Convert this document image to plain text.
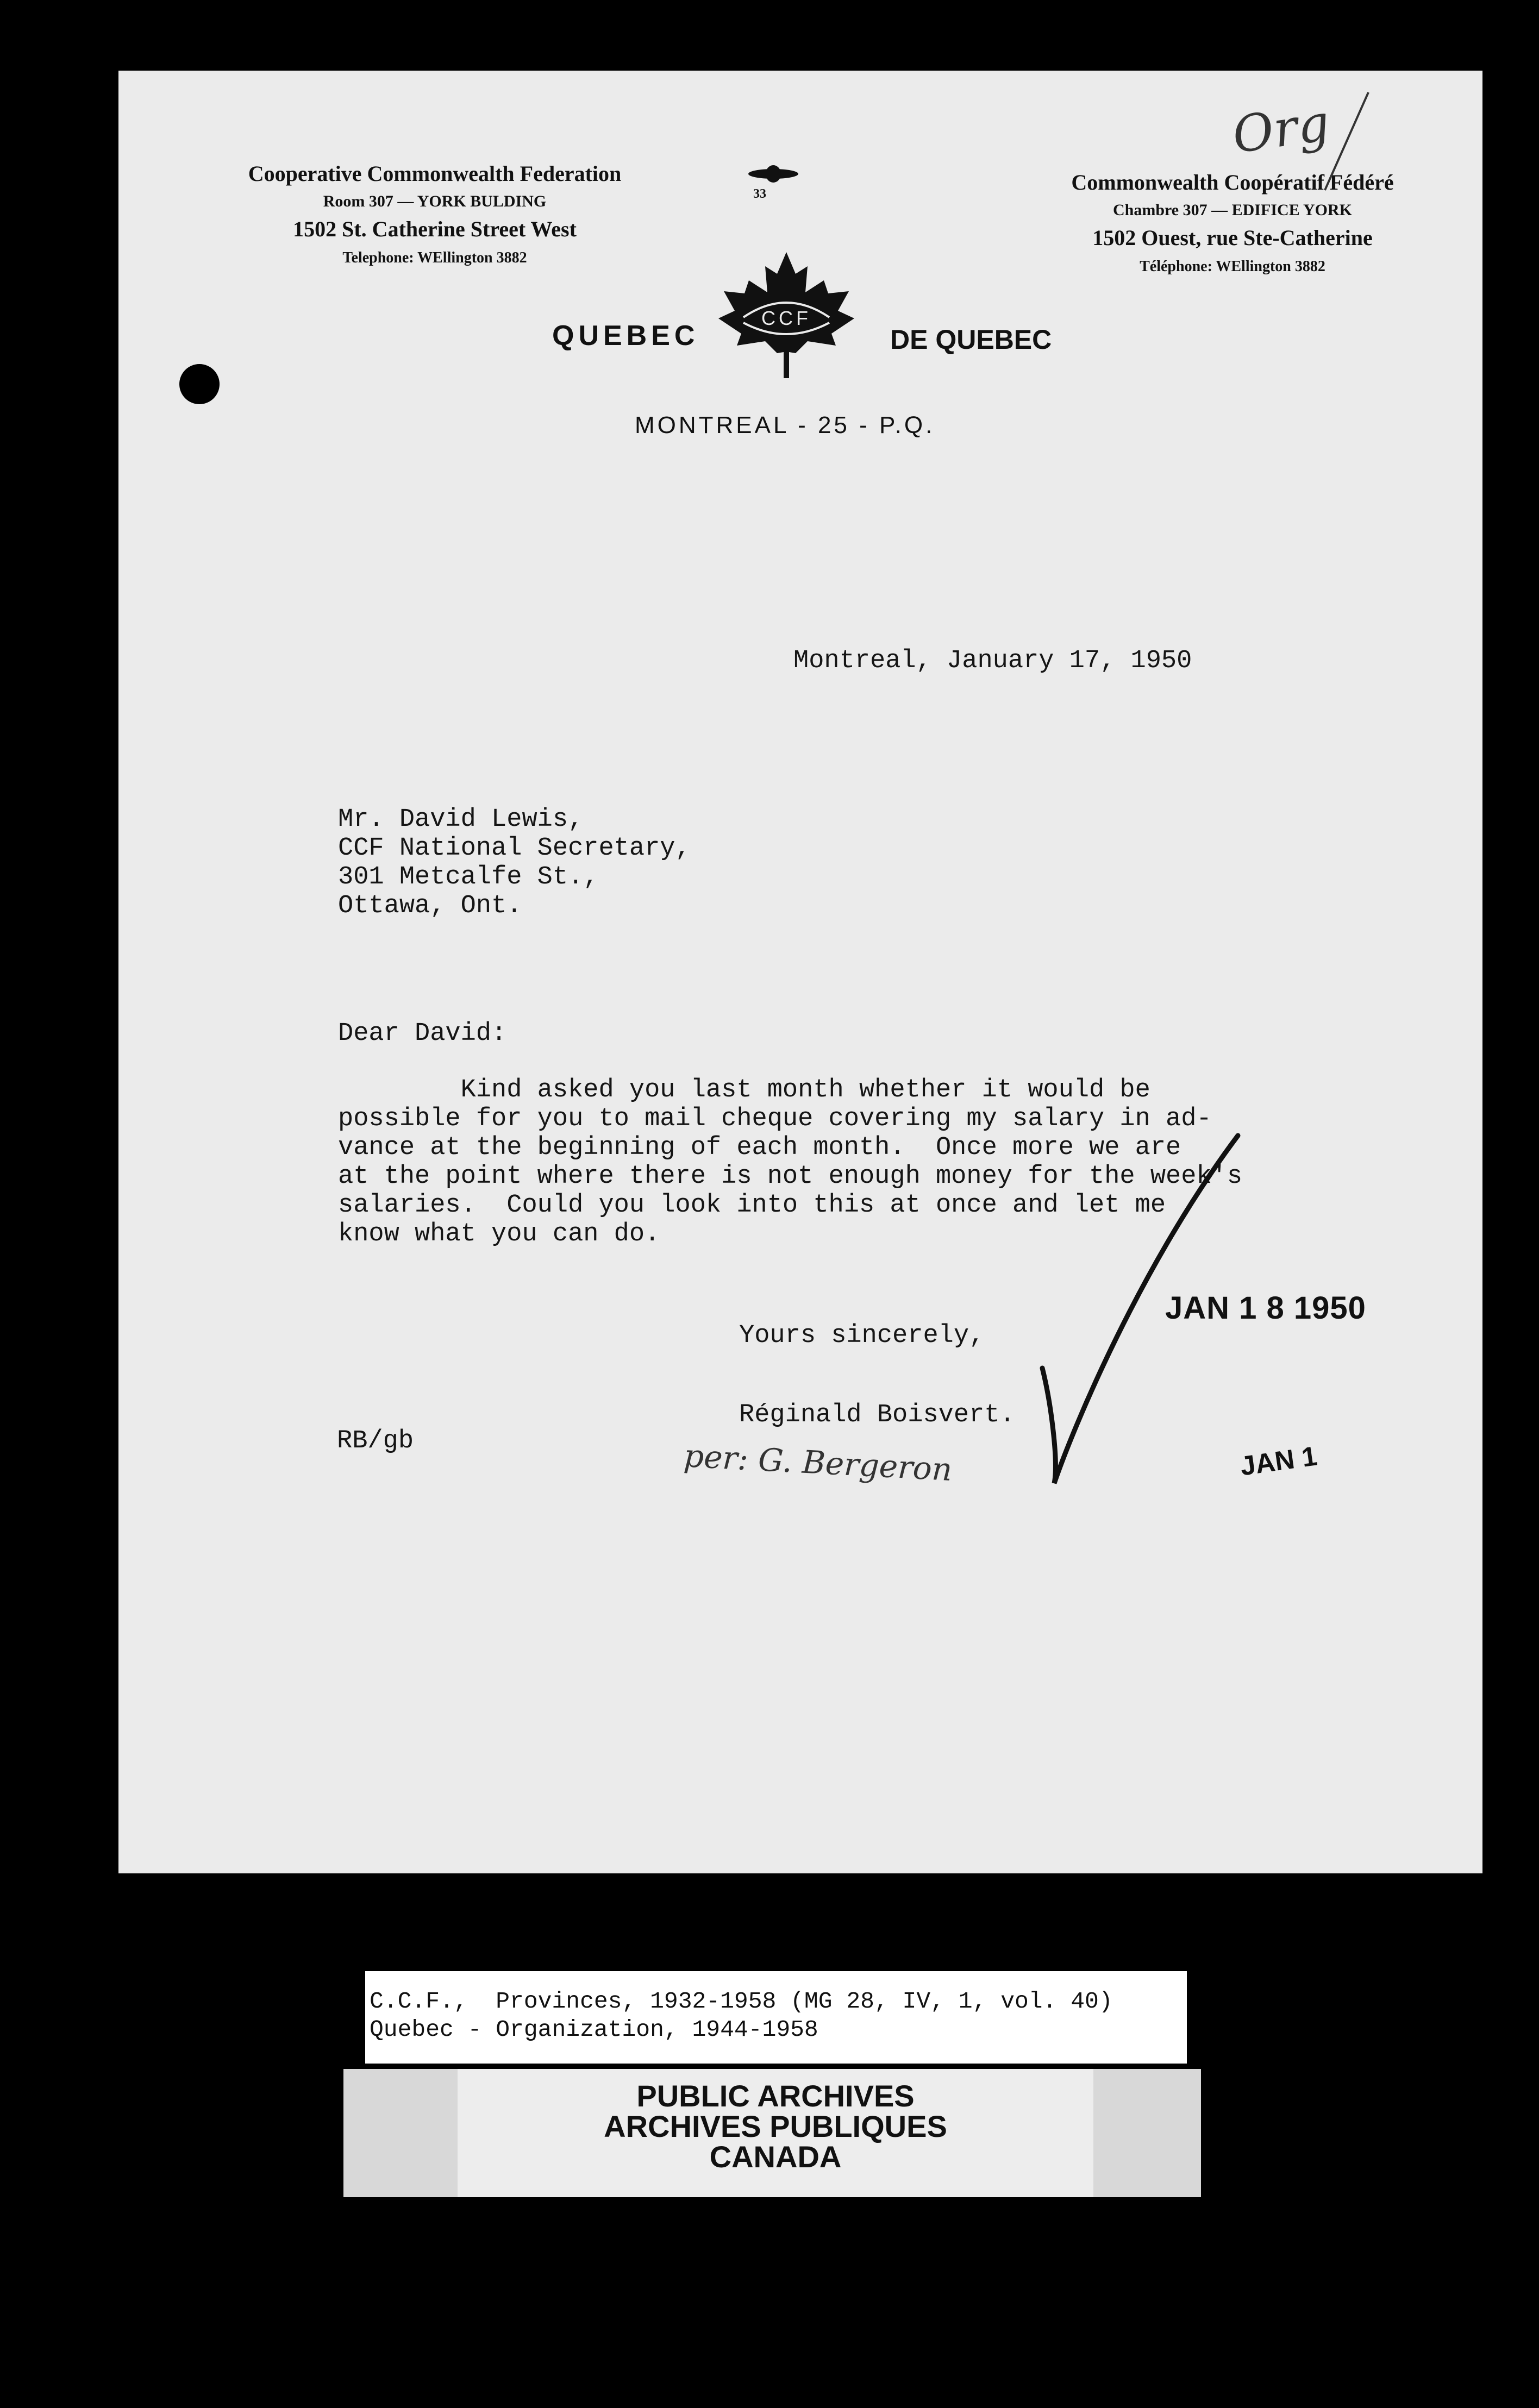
Cooperative Commonwealth Federation
Room 307 — YORK BULDING
1502 St. Catherine Street West
Telephone: WEllington 3882
Commonwealth Coopératif Fédéré
Chambre 307 — EDIFICE YORK
1502 Ouest, rue Ste-Catherine
Téléphone: WEllington 3882
33
QUEBEC
CCF
DE QUEBEC
MONTREAL - 25 - P.Q.
Org
Montreal, January 17, 1950
Mr. David Lewis,
CCF National Secretary,
301 Metcalfe St.,
Ottawa, Ont.
Dear David:
Kind asked you last month whether it would be
possible for you to mail cheque covering my salary in ad-
vance at the beginning of each month.  Once more we are
at the point where there is not enough money for the week's
salaries.  Could you look into this at once and let me
know what you can do.
Yours sincerely,
Réginald Boisvert.
RB/gb	per: G. Bergeron
JAN 1 8 1950
JAN 1

C.C.F.,  Provinces, 1932-1958 (MG 28, IV, 1, vol. 40)

Quebec - Organization, 1944-1958

PUBLIC ARCHIVES
ARCHIVES PUBLIQUES
CANADA
